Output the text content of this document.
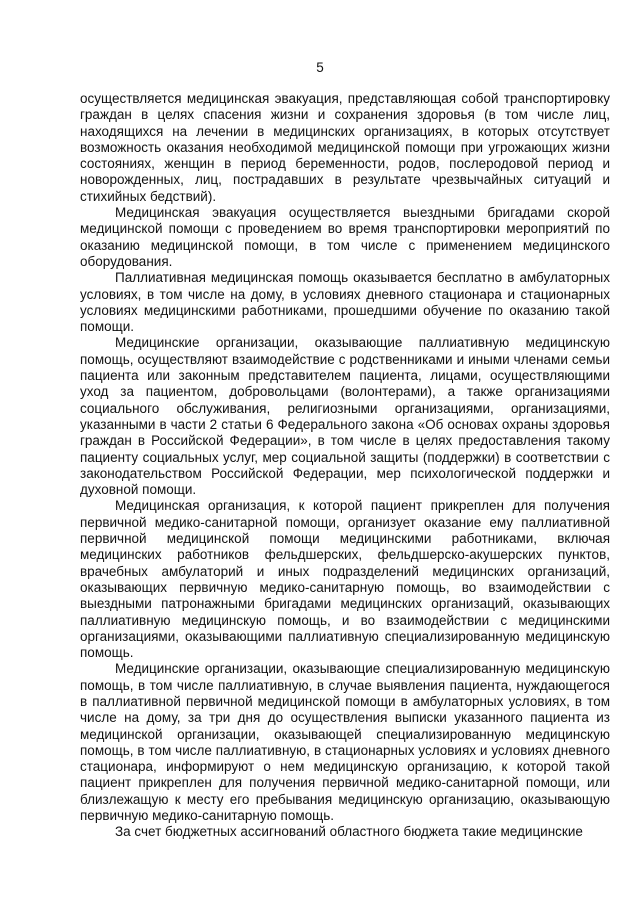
5

осуществляется медицинская эвакуация, представляющая собой транспортировку граждан в целях спасения жизни и сохранения здоровья (в том числе лиц, находящихся на лечении в медицинских организациях, в которых отсутствует возможность оказания необходимой медицинской помощи при угрожающих жизни состояниях, женщин в период беременности, родов, послеродовой период и новорожденных, лиц, пострадавших в результате чрезвычайных ситуаций и стихийных бедствий).

Медицинская эвакуация осуществляется выездными бригадами скорой медицинской помощи с проведением во время транспортировки мероприятий по оказанию медицинской помощи, в том числе с применением медицинского оборудования.

Паллиативная медицинская помощь оказывается бесплатно в амбулаторных условиях, в том числе на дому, в условиях дневного стационара и стационарных условиях медицинскими работниками, прошедшими обучение по оказанию такой помощи.

Медицинские организации, оказывающие паллиативную медицинскую помощь, осуществляют взаимодействие с родственниками и иными членами семьи пациента или законным представителем пациента, лицами, осуществляющими уход за пациентом, добровольцами (волонтерами), а также организациями социального обслуживания, религиозными организациями, организациями, указанными в части 2 статьи 6 Федерального закона «Об основах охраны здоровья граждан в Российской Федерации», в том числе в целях предоставления такому пациенту социальных услуг, мер социальной защиты (поддержки) в соответствии с законодательством Российской Федерации, мер психологической поддержки и духовной помощи.

Медицинская организация, к которой пациент прикреплен для получения первичной медико-санитарной помощи, организует оказание ему паллиативной первичной медицинской помощи медицинскими работниками, включая медицинских работников фельдшерских, фельдшерско-акушерских пунктов, врачебных амбулаторий и иных подразделений медицинских организаций, оказывающих первичную медико-санитарную помощь, во взаимодействии с выездными патронажными бригадами медицинских организаций, оказывающих паллиативную медицинскую помощь, и во взаимодействии с медицинскими организациями, оказывающими паллиативную специализированную медицинскую помощь.

Медицинские организации, оказывающие специализированную медицинскую помощь, в том числе паллиативную, в случае выявления пациента, нуждающегося в паллиативной первичной медицинской помощи в амбулаторных условиях, в том числе на дому, за три дня до осуществления выписки указанного пациента из медицинской организации, оказывающей специализированную медицинскую помощь, в том числе паллиативную, в стационарных условиях и условиях дневного стационара, информируют о нем медицинскую организацию, к которой такой пациент прикреплен для получения первичной медико-санитарной помощи, или близлежащую к месту его пребывания медицинскую организацию, оказывающую первичную медико-санитарную помощь.

За счет бюджетных ассигнований областного бюджета такие медицинские
